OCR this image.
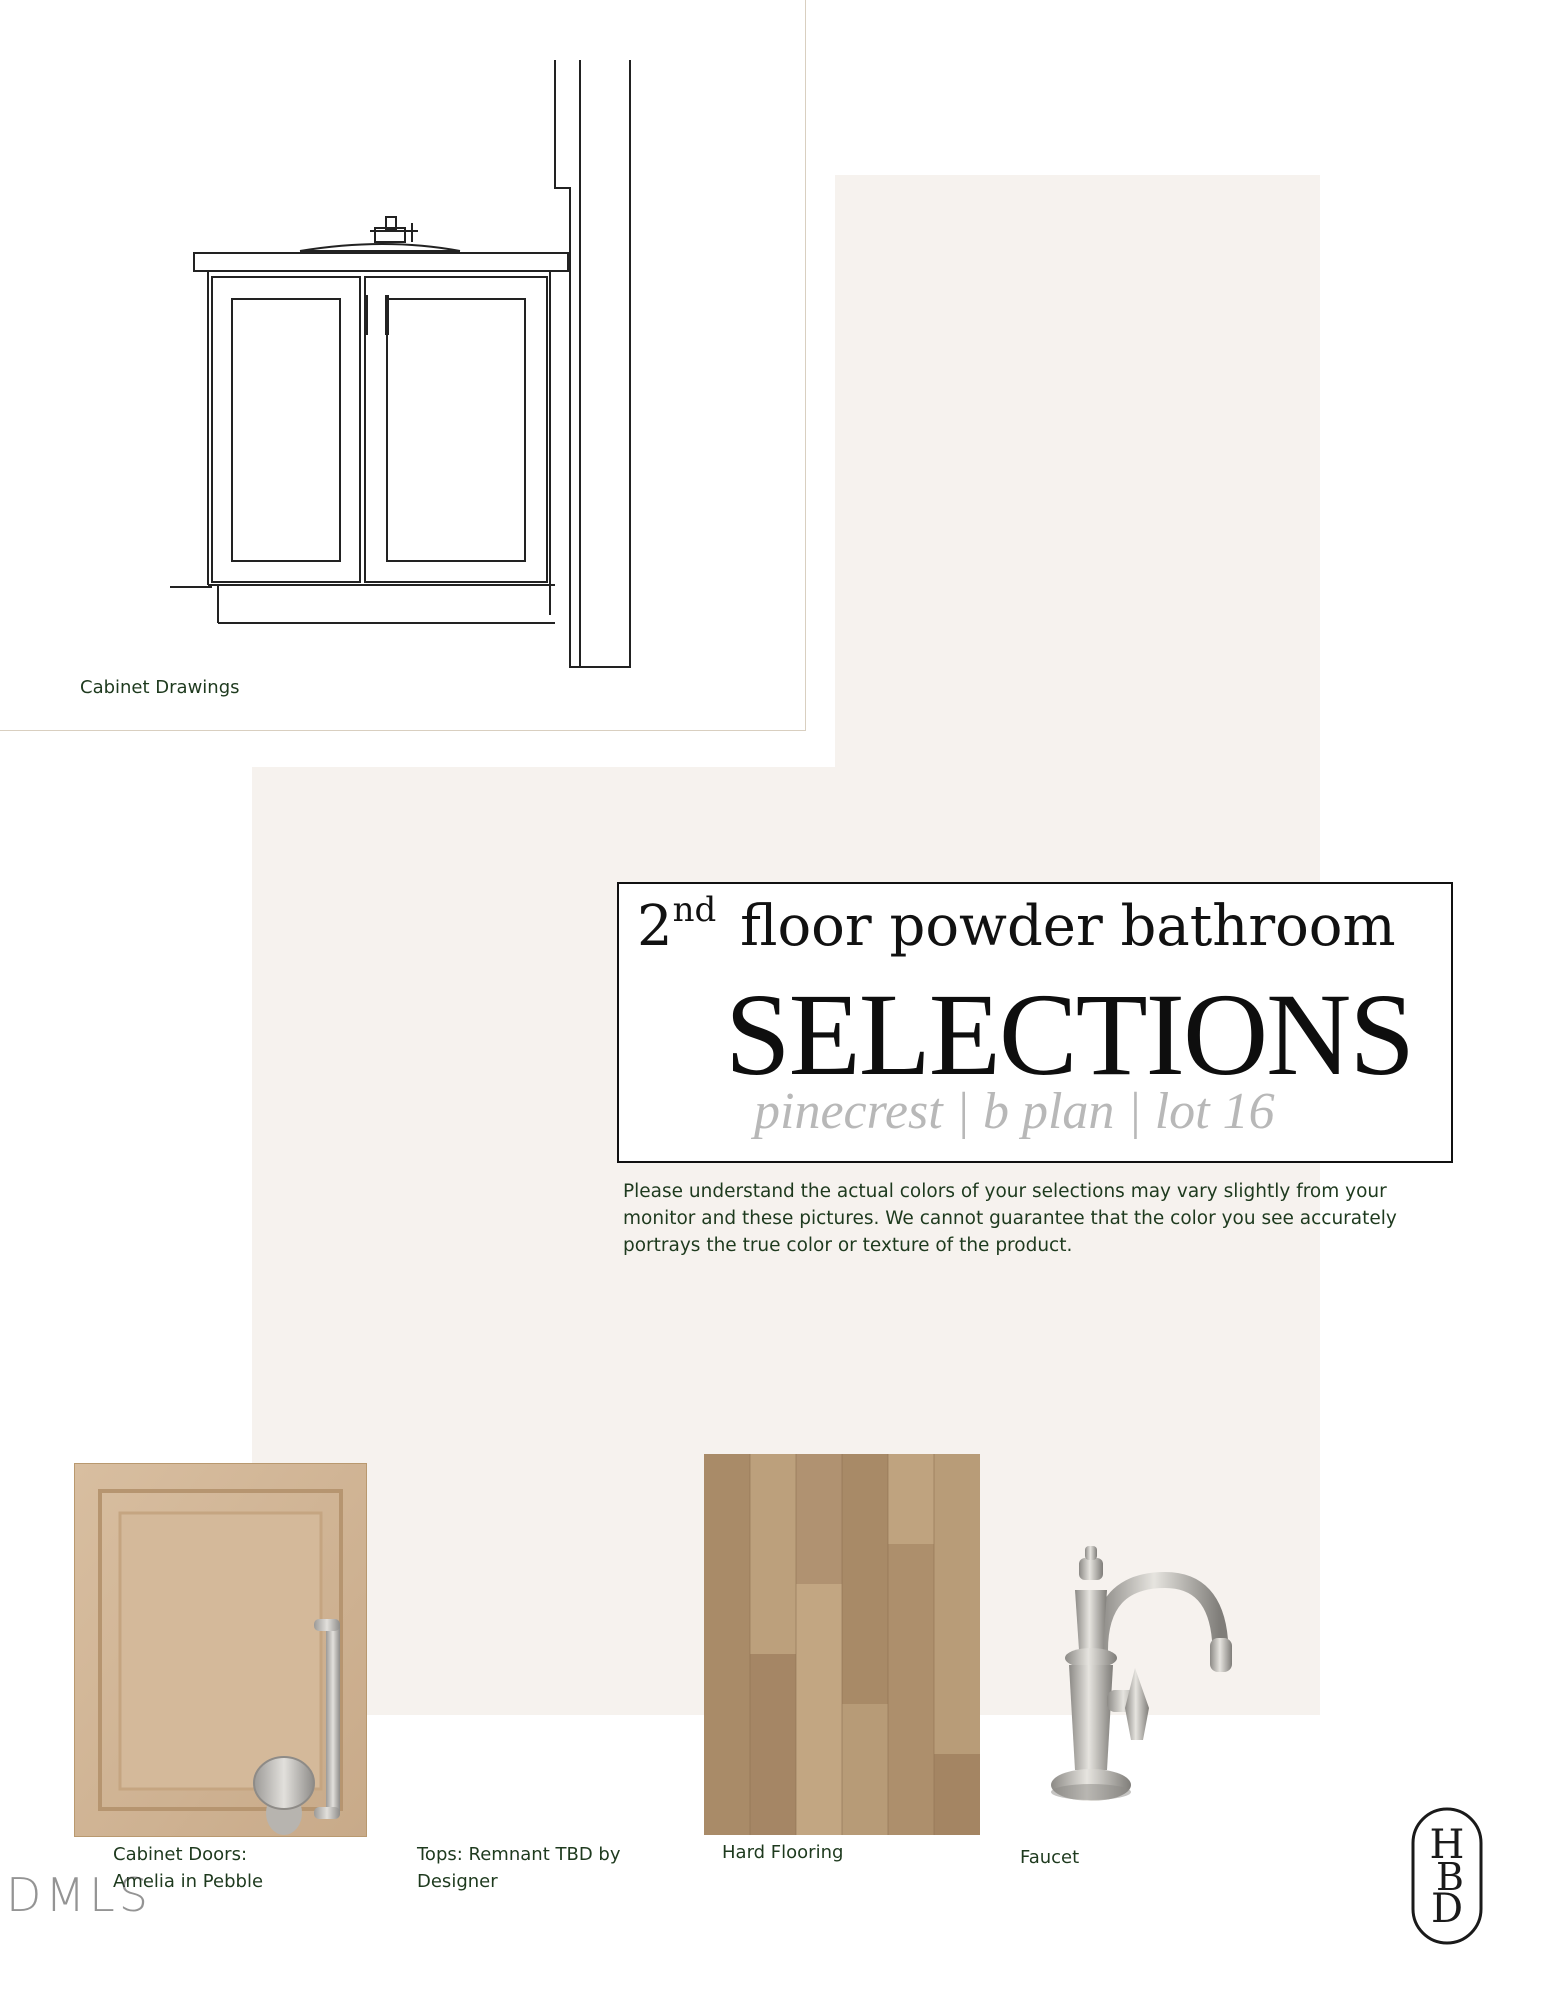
Cabinet Drawings

2nd floor powder bathroom

SELECTIONS

pinecrest | b plan | lot 16

Please understand the actual colors of your selections may vary slightly from your monitor and these pictures. We cannot guarantee that the color you see accurately portrays the true color or texture of the product.

Cabinet Doors:
Amelia in Pebble

Tops: Remnant TBD by
Designer

Hard Flooring	Faucet	H
B
D

DMLS
